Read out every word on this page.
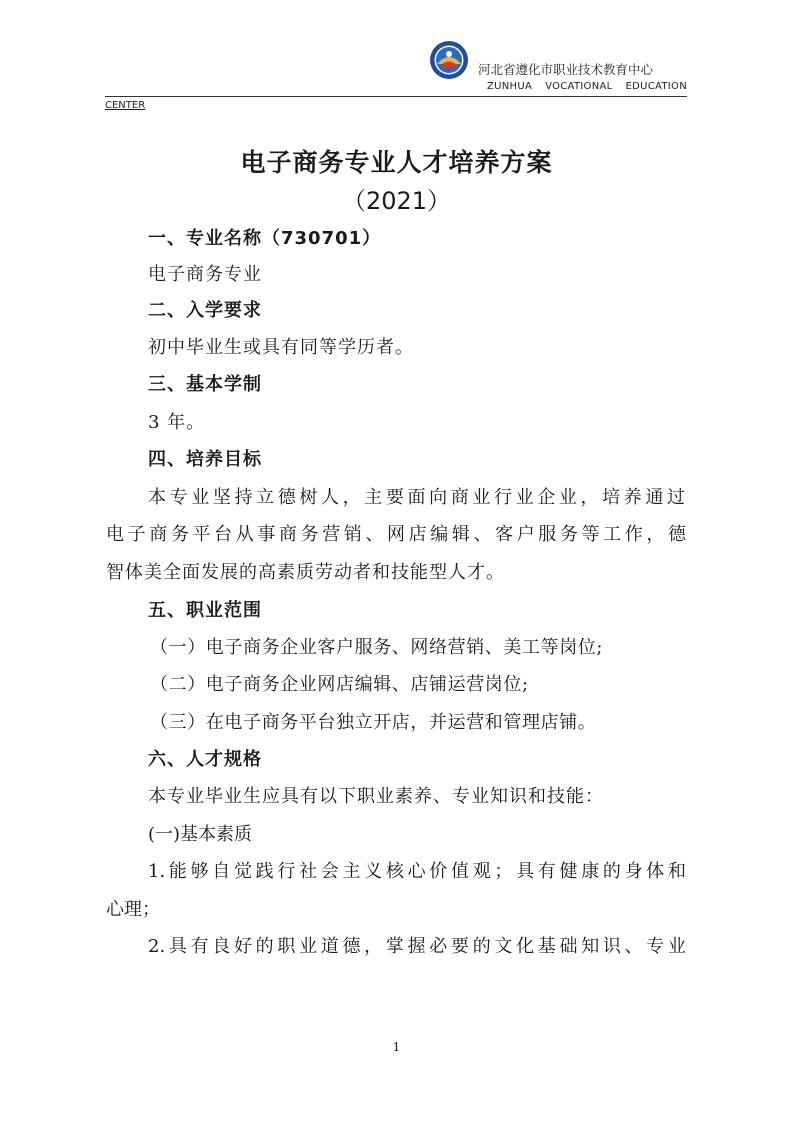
河北省遵化市职业技术教育中心
ZUNHUA VOCATIONAL EDUCATION
CENTER
电子商务专业人才培养方案
（2021）
一、专业名称（730701）
电子商务专业
二、入学要求
初中毕业生或具有同等学历者。
三、基本学制
3 年。
四、培养目标
本专业坚持立德树人，主要面向商业行业企业，培养通过
电子商务平台从事商务营销、网店编辑、客户服务等工作，德
智体美全面发展的高素质劳动者和技能型人才。
五、职业范围
（一）电子商务企业客户服务、网络营销、美工等岗位;
（二）电子商务企业网店编辑、店铺运营岗位;
（三）在电子商务平台独立开店，并运营和管理店铺。
六、人才规格
本专业毕业生应具有以下职业素养、专业知识和技能：
(一)基本素质
1.能够自觉践行社会主义核心价值观；具有健康的身体和
心理；
2.具有良好的职业道德，掌握必要的文化基础知识、专业
1
